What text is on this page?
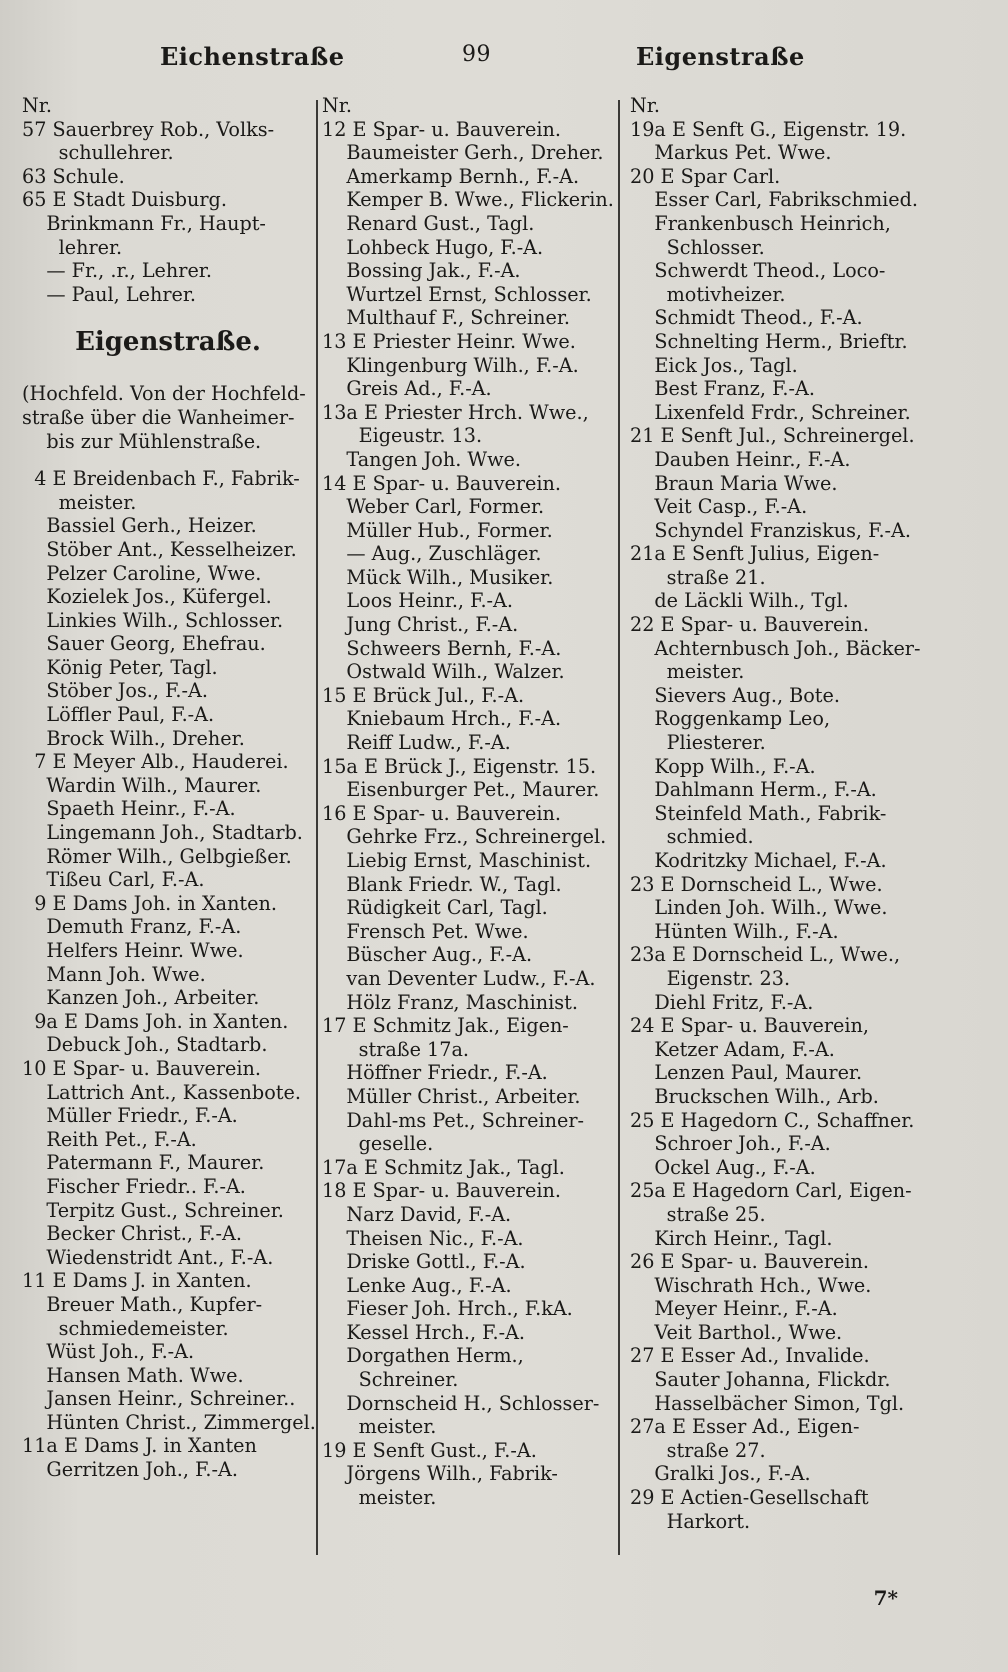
Eichenstraße	99	Eigenstraße
Nr.
57 Sauerbrey Rob., Volks-
schullehrer.
63 Schule.
65 E Stadt Duisburg.
Brinkmann Fr., Haupt-
lehrer.
— Fr., .r., Lehrer.
— Paul, Lehrer.
Eigenstraße.
(Hochfeld. Von der Hochfeld-
straße über die Wanheimer-
bis zur Mühlenstraße.
4 E Breidenbach F., Fabrik-
meister.
Bassiel Gerh., Heizer.
Stöber Ant., Kesselheizer.
Pelzer Caroline, Wwe.
Kozielek Jos., Küfergel.
Linkies Wilh., Schlosser.
Sauer Georg, Ehefrau.
König Peter, Tagl.
Stöber Jos., F.-A.
Löffler Paul, F.-A.
Brock Wilh., Dreher.
7 E Meyer Alb., Hauderei.
Wardin Wilh., Maurer.
Spaeth Heinr., F.-A.
Lingemann Joh., Stadtarb.
Römer Wilh., Gelbgießer.
Tißeu Carl, F.-A.
9 E Dams Joh. in Xanten.
Demuth Franz, F.-A.
Helfers Heinr. Wwe.
Mann Joh. Wwe.
Kanzen Joh., Arbeiter.
9a E Dams Joh. in Xanten.
Debuck Joh., Stadtarb.
10 E Spar- u. Bauverein.
Lattrich Ant., Kassenbote.
Müller Friedr., F.-A.
Reith Pet., F.-A.
Patermann F., Maurer.
Fischer Friedr.. F.-A.
Terpitz Gust., Schreiner.
Becker Christ., F.-A.
Wiedenstridt Ant., F.-A.
11 E Dams J. in Xanten.
Breuer Math., Kupfer-
schmiedemeister.
Wüst Joh., F.-A.
Hansen Math. Wwe.
Jansen Heinr., Schreiner..
Hünten Christ., Zimmergel.
11a E Dams J. in Xanten
Gerritzen Joh., F.-A.
Nr.
12 E Spar- u. Bauverein.
Baumeister Gerh., Dreher.
Amerkamp Bernh., F.-A.
Kemper B. Wwe., Flickerin.
Renard Gust., Tagl.
Lohbeck Hugo, F.-A.
Bossing Jak., F.-A.
Wurtzel Ernst, Schlosser.
Multhauf F., Schreiner.
13 E Priester Heinr. Wwe.
Klingenburg Wilh., F.-A.
Greis Ad., F.-A.
13a E Priester Hrch. Wwe.,
Eigeustr. 13.
Tangen Joh. Wwe.
14 E Spar- u. Bauverein.
Weber Carl, Former.
Müller Hub., Former.
— Aug., Zuschläger.
Mück Wilh., Musiker.
Loos Heinr., F.-A.
Jung Christ., F.-A.
Schweers Bernh, F.-A.
Ostwald Wilh., Walzer.
15 E Brück Jul., F.-A.
Kniebaum Hrch., F.-A.
Reiff Ludw., F.-A.
15a E Brück J., Eigenstr. 15.
Eisenburger Pet., Maurer.
16 E Spar- u. Bauverein.
Gehrke Frz., Schreinergel.
Liebig Ernst, Maschinist.
Blank Friedr. W., Tagl.
Rüdigkeit Carl, Tagl.
Frensch Pet. Wwe.
Büscher Aug., F.-A.
van Deventer Ludw., F.-A.
Hölz Franz, Maschinist.
17 E Schmitz Jak., Eigen-
straße 17a.
Höffner Friedr., F.-A.
Müller Christ., Arbeiter.
Dahl-ms Pet., Schreiner-
geselle.
17a E Schmitz Jak., Tagl.
18 E Spar- u. Bauverein.
Narz David, F.-A.
Theisen Nic., F.-A.
Driske Gottl., F.-A.
Lenke Aug., F.-A.
Fieser Joh. Hrch., F.kA.
Kessel Hrch., F.-A.
Dorgathen Herm.,
Schreiner.
Dornscheid H., Schlosser-
meister.
19 E Senft Gust., F.-A.
Jörgens Wilh., Fabrik-
meister.
Nr.
19a E Senft G., Eigenstr. 19.
Markus Pet. Wwe.
20 E Spar Carl.
Esser Carl, Fabrikschmied.
Frankenbusch Heinrich,
Schlosser.
Schwerdt Theod., Loco-
motivheizer.
Schmidt Theod., F.-A.
Schnelting Herm., Brieftr.
Eick Jos., Tagl.
Best Franz, F.-A.
Lixenfeld Frdr., Schreiner.
21 E Senft Jul., Schreinergel.
Dauben Heinr., F.-A.
Braun Maria Wwe.
Veit Casp., F.-A.
Schyndel Franziskus, F.-A.
21a E Senft Julius, Eigen-
straße 21.
de Läckli Wilh., Tgl.
22 E Spar- u. Bauverein.
Achternbusch Joh., Bäcker-
meister.
Sievers Aug., Bote.
Roggenkamp Leo,
Pliesterer.
Kopp Wilh., F.-A.
Dahlmann Herm., F.-A.
Steinfeld Math., Fabrik-
schmied.
Kodritzky Michael, F.-A.
23 E Dornscheid L., Wwe.
Linden Joh. Wilh., Wwe.
Hünten Wilh., F.-A.
23a E Dornscheid L., Wwe.,
Eigenstr. 23.
Diehl Fritz, F.-A.
24 E Spar- u. Bauverein,
Ketzer Adam, F.-A.
Lenzen Paul, Maurer.
Bruckschen Wilh., Arb.
25 E Hagedorn C., Schaffner.
Schroer Joh., F.-A.
Ockel Aug., F.-A.
25a E Hagedorn Carl, Eigen-
straße 25.
Kirch Heinr., Tagl.
26 E Spar- u. Bauverein.
Wischrath Hch., Wwe.
Meyer Heinr., F.-A.
Veit Barthol., Wwe.
27 E Esser Ad., Invalide.
Sauter Johanna, Flickdr.
Hasselbächer Simon, Tgl.
27a E Esser Ad., Eigen-
straße 27.
Gralki Jos., F.-A.
29 E Actien-Gesellschaft
Harkort.
7*
